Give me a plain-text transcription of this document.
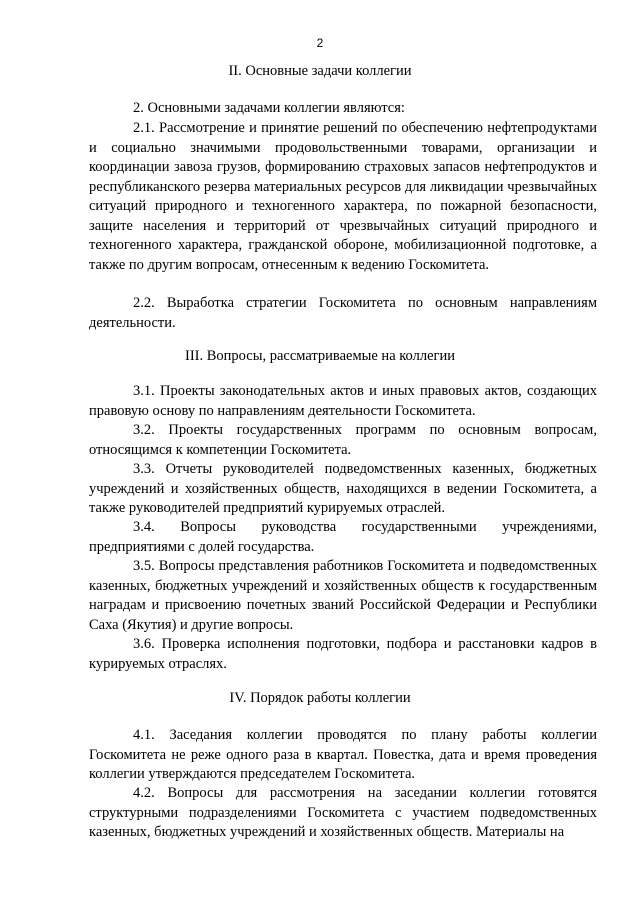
2
II. Основные задачи коллегии
2. Основными задачами коллегии являются:
2.1. Рассмотрение и принятие решений по обеспечению нефтепродуктами и социально значимыми продовольственными товарами, организации и координации завоза грузов, формированию страховых запасов нефтепродуктов и республиканского резерва материальных ресурсов для ликвидации чрезвычайных ситуаций природного и техногенного характера, по пожарной безопасности, защите населения и территорий от чрезвычайных ситуаций природного и техногенного характера, гражданской обороне, мобилизационной подготовке, а также по другим вопросам, отнесенным к ведению Госкомитета.
2.2. Выработка стратегии Госкомитета по основным направлениям деятельности.
III. Вопросы, рассматриваемые на коллегии
3.1. Проекты законодательных актов и иных правовых актов, создающих правовую основу по направлениям деятельности Госкомитета.
3.2. Проекты государственных программ по основным вопросам, относящимся к компетенции Госкомитета.
3.3. Отчеты руководителей подведомственных казенных, бюджетных учреждений и хозяйственных обществ, находящихся в ведении Госкомитета, а также руководителей предприятий курируемых отраслей.
3.4. Вопросы руководства государственными учреждениями, предприятиями с долей государства.
3.5. Вопросы представления работников Госкомитета и подведомственных казенных, бюджетных учреждений и хозяйственных обществ к государственным наградам и присвоению почетных званий Российской Федерации и Республики Саха (Якутия) и другие вопросы.
3.6. Проверка исполнения подготовки, подбора и расстановки кадров в курируемых отраслях.
IV. Порядок работы коллегии
4.1. Заседания коллегии проводятся по плану работы коллегии Госкомитета не реже одного раза в квартал. Повестка, дата и время проведения коллегии утверждаются председателем Госкомитета.
4.2. Вопросы для рассмотрения на заседании коллегии готовятся структурными подразделениями Госкомитета с участием подведомственных казенных, бюджетных учреждений и хозяйственных обществ. Материалы на
